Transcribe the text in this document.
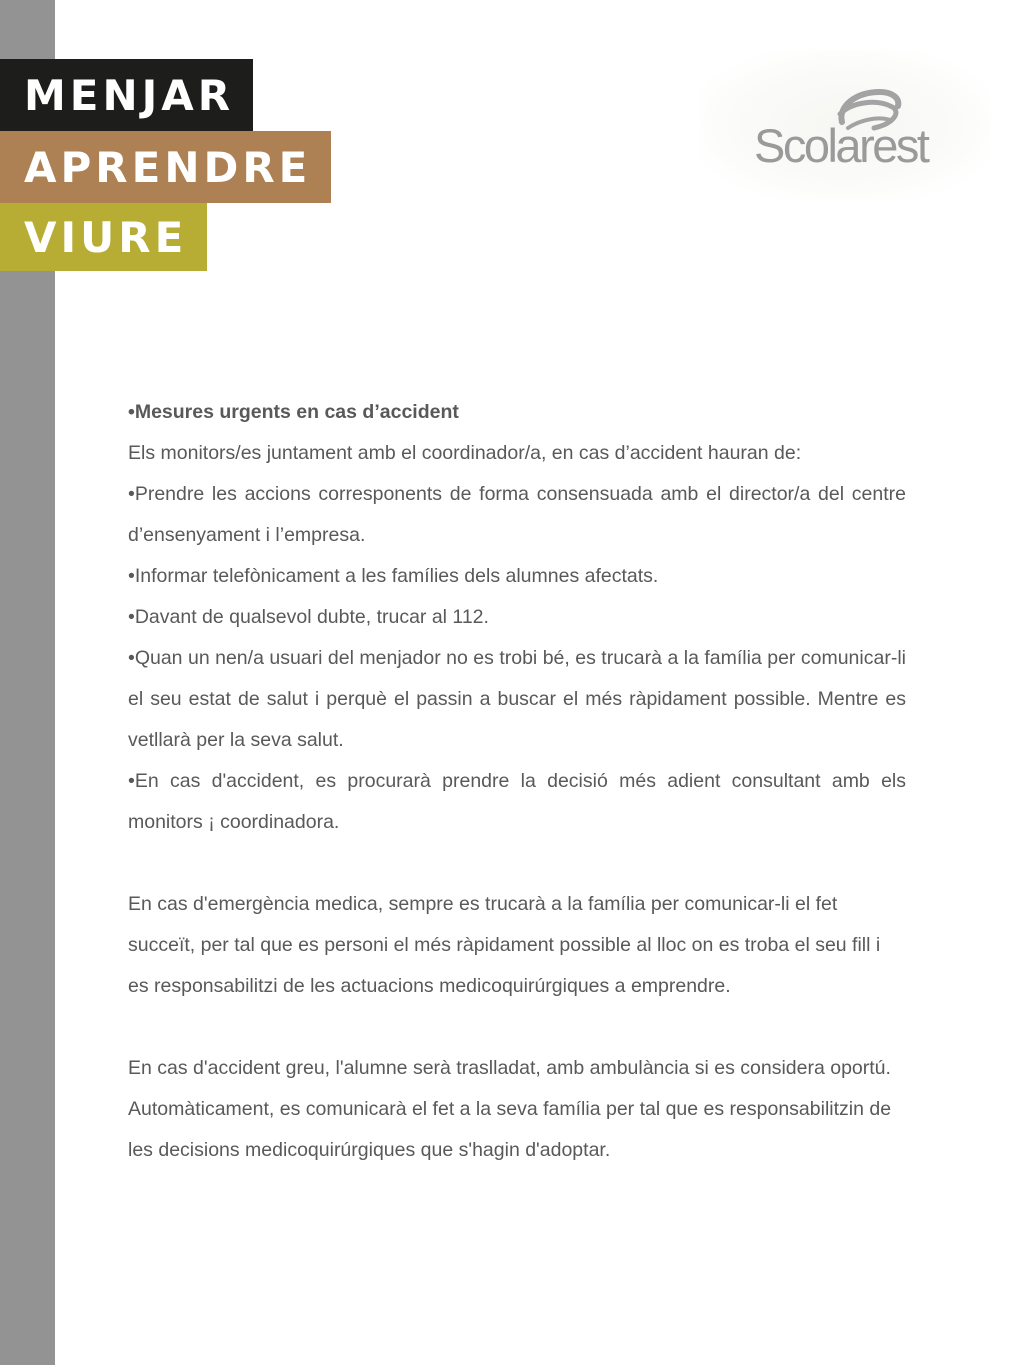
MENJAR
APRENDRE
VIURE
Scolarest

•Mesures urgents en cas d’accident

Els monitors/es juntament amb el coordinador/a, en cas d’accident hauran de:

•Prendre les accions corresponents de forma consensuada amb el director/a del centre d’ensenyament i l’empresa.

•Informar telefònicament a les famílies dels alumnes afectats.

•Davant de qualsevol dubte, trucar al 112.

•Quan un nen/a usuari del menjador no es trobi bé, es trucarà a la família per comunicar-li el seu estat de salut i perquè el passin a buscar el més ràpidament possible. Mentre es vetllarà per la seva salut.

•En cas d'accident, es procurarà prendre la decisió més adient consultant amb els monitors ¡ coordinadora.

En cas d'emergència medica, sempre es trucarà a la família per comunicar-li el fet succeït, per tal que es personi el més ràpidament possible al lloc on es troba el seu fill i es responsabilitzi de les actuacions medicoquirúrgiques a emprendre.

En cas d'accident greu, l'alumne serà traslladat, amb ambulància si es considera oportú. Automàticament, es comunicarà el fet a la seva família per tal que es responsabilitzin de les decisions medicoquirúrgiques que s'hagin d'adoptar.
